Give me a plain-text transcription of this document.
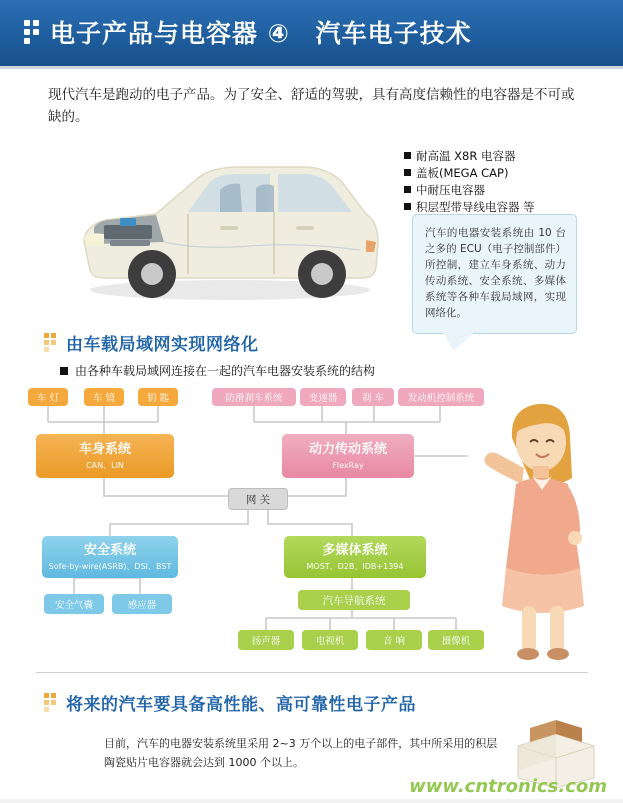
电子产品与电容器 ④ 汽车电子技术
现代汽车是跑动的电子产品。为了安全、舒适的驾驶，具有高度信赖性的电容器是不可或缺的。
耐高温 X8R 电容器
盖板(MEGA CAP)
中耐压电容器
积层型带导线电容器 等

汽车的电器安装系统由 10 台之多的 ECU（电子控制部件）所控制，建立车身系统、动力传动系统、安全系统、多媒体系统等各种车载局域网，实现网络化。

由车载局域网实现网络化
由各种车载局域网连接在一起的汽车电器安装系统的结构
车 灯	车 镜	钥 匙	防滑刹车系统	变速器	刹 车	发动机控制系统
车身系统
CAN、LIN
动力传动系统
FlexRay
网 关
安全系统
Sofe-by-wire(ASRB)、DSI、BST
多媒体系统
MOST、D2B、IDB+1394
安全气囊	感应器	汽车导航系统
扬声器	电视机	音 响	摄像机
将来的汽车要具备高性能、高可靠性电子产品
目前，汽车的电器安装系统里采用 2~3 万个以上的电子部件，其中所采用的积层陶瓷贴片电容器就会达到 1000 个以上。
www.cntronics.com
